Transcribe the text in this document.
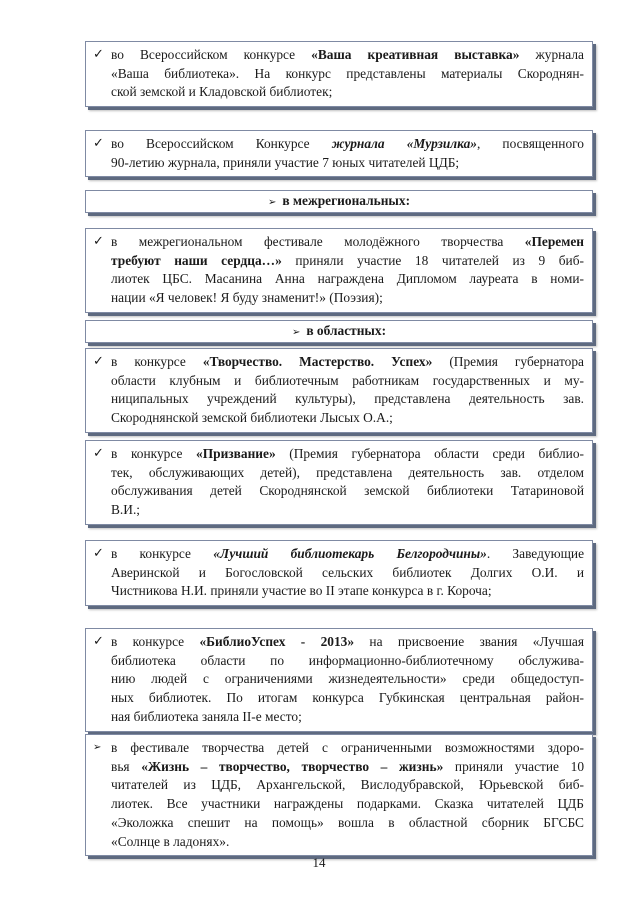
✓ во Всероссийском конкурсе «Ваша креативная выставка» журнала
«Ваша библиотека». На конкурс представлены материалы Скороднян-
ской земской и Кладовской библиотек;
✓ во Всероссийском Конкурсе журнала «Мурзилка», посвященного
90-летию журнала, приняли участие 7 юных читателей ЦДБ;
➢ в межрегиональных:
✓ в межрегиональном фестивале молодёжного творчества «Перемен
требуют наши сердца…» приняли участие 18 читателей из 9 биб-
лиотек ЦБС. Масанина Анна награждена Дипломом лауреата в номи-
нации «Я человек! Я буду знаменит!» (Поэзия);
➢ в областных:
✓ в конкурсе «Творчество. Мастерство. Успех» (Премия губернатора
области клубным и библиотечным работникам государственных и му-
ниципальных учреждений культуры), представлена деятельность зав.
Скороднянской земской библиотеки Лысых О.А.;
✓ в конкурсе «Призвание» (Премия губернатора области среди библио-
тек, обслуживающих детей), представлена деятельность зав. отделом
обслуживания детей Скороднянской земской библиотеки Татариновой
В.И.;
✓ в конкурсе «Лучший библиотекарь Белгородчины». Заведующие
Аверинской и Богословской сельских библиотек Долгих О.И. и
Чистникова Н.И. приняли участие во II этапе конкурса в г. Короча;
✓ в конкурсе «БиблиоУспех - 2013» на присвоение звания «Лучшая
библиотека области по информационно-библиотечному обслужива-
нию людей с ограничениями жизнедеятельности» среди общедоступ-
ных библиотек. По итогам конкурса Губкинская центральная район-
ная библиотека заняла II-е место;
➢ в фестивале творчества детей с ограниченными возможностями здоро-
вья «Жизнь – творчество, творчество – жизнь» приняли участие 10
читателей из ЦДБ, Архангельской, Вислодубравской, Юрьевской биб-
лиотек. Все участники награждены подарками. Сказка читателей ЦДБ
«Эколожка спешит на помощь» вошла в областной сборник БГСБС
«Солнце в ладонях».
14
